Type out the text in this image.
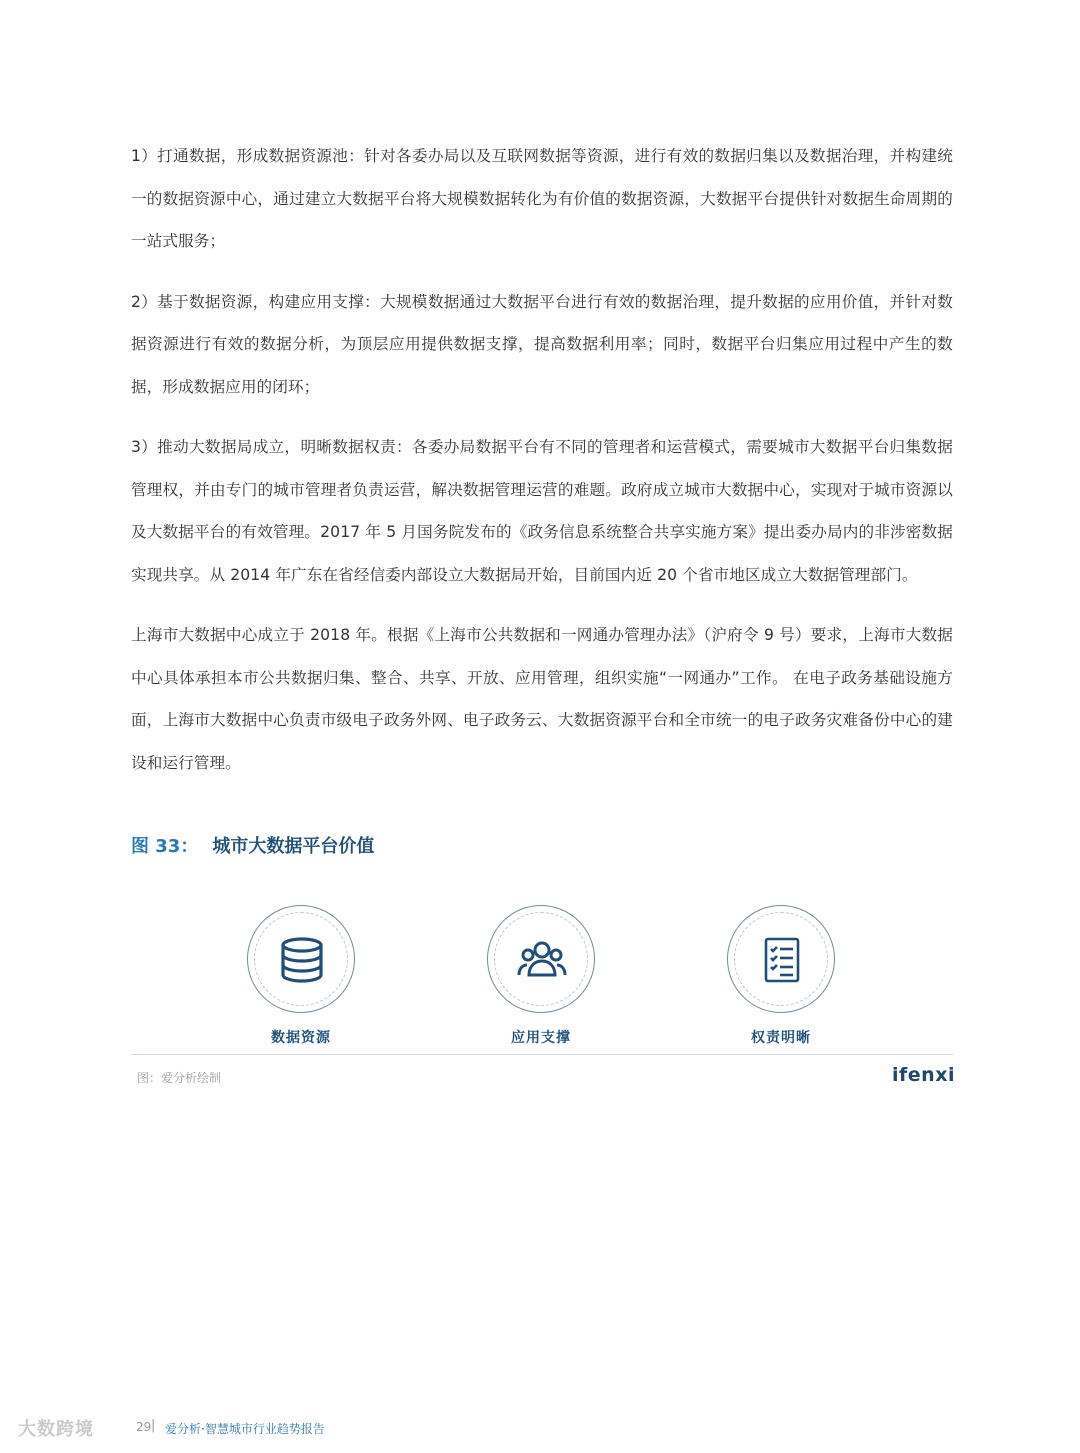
1）打通数据，形成数据资源池：针对各委办局以及互联网数据等资源，进行有效的数据归集以及数据治理，并构建统一的数据资源中心，通过建立大数据平台将大规模数据转化为有价值的数据资源，大数据平台提供针对数据生命周期的一站式服务；

2）基于数据资源，构建应用支撑：大规模数据通过大数据平台进行有效的数据治理，提升数据的应用价值，并针对数据资源进行有效的数据分析，为顶层应用提供数据支撑，提高数据利用率；同时，数据平台归集应用过程中产生的数据，形成数据应用的闭环；

3）推动大数据局成立，明晰数据权责：各委办局数据平台有不同的管理者和运营模式，需要城市大数据平台归集数据管理权，并由专门的城市管理者负责运营，解决数据管理运营的难题。政府成立城市大数据中心，实现对于城市资源以及大数据平台的有效管理。2017 年 5 月国务院发布的《政务信息系统整合共享实施方案》提出委办局内的非涉密数据实现共享。从 2014 年广东在省经信委内部设立大数据局开始，目前国内近 20 个省市地区成立大数据管理部门。

上海市大数据中心成立于 2018 年。根据《上海市公共数据和一网通办管理办法》（沪府令 9 号）要求，上海市大数据中心具体承担本市公共数据归集、整合、共享、开放、应用管理，组织实施“一网通办”工作。 在电子政务基础设施方面，上海市大数据中心负责市级电子政务外网、电子政务云、大数据资源平台和全市统一的电子政务灾难备份中心的建设和运行管理。

图 33： 城市大数据平台价值
数据资源	应用支撑	权责明晰
图：爱分析绘制	ifenxi
大数跨境	29 | 爱分析·智慧城市行业趋势报告
